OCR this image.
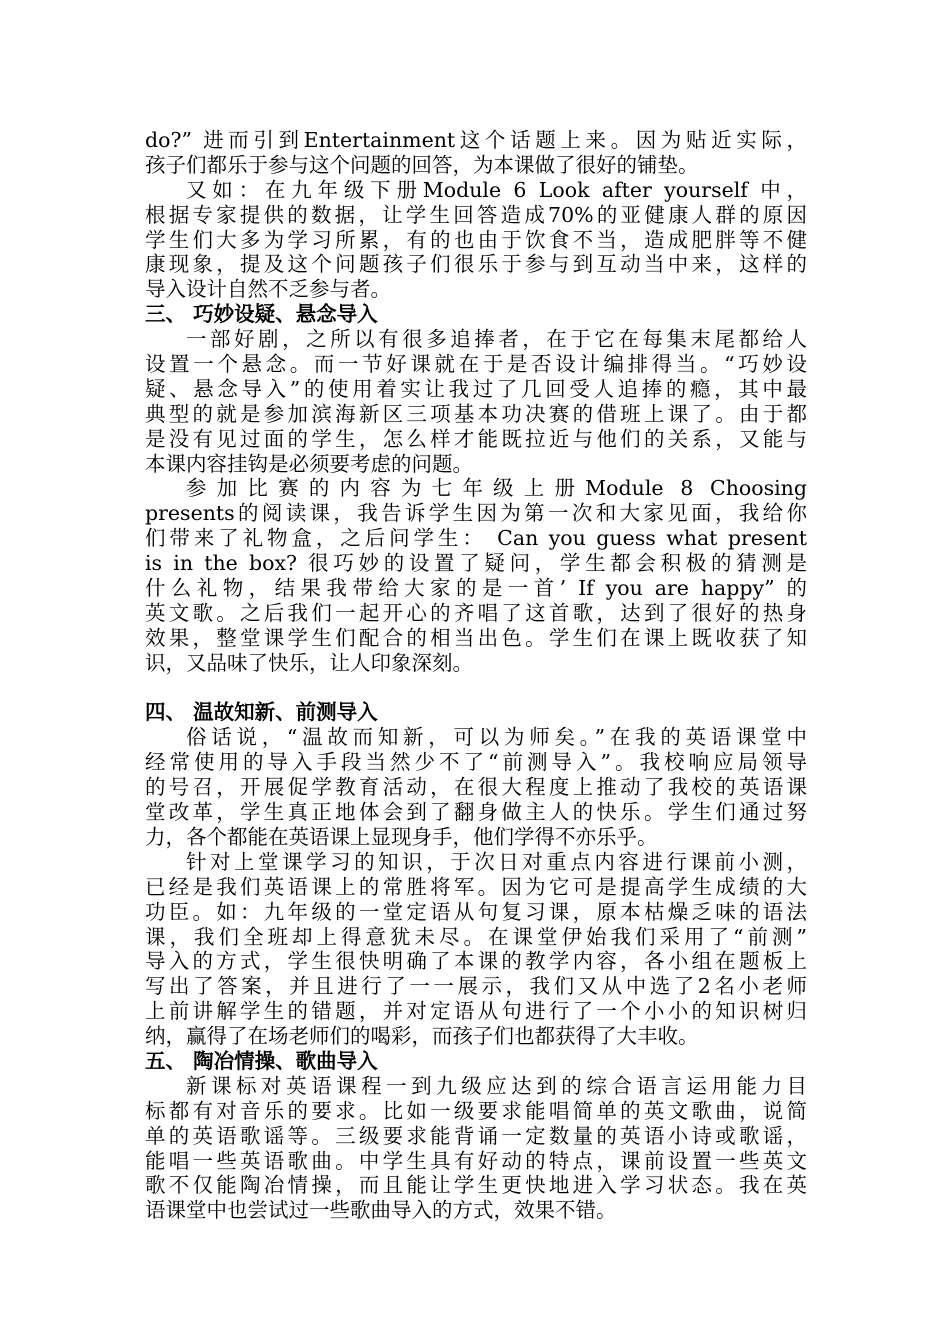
do?” 进而引到Entertainment这个话题上来。因为贴近实际，
孩子们都乐于参与这个问题的回答，为本课做了很好的铺垫。
又如：在九年级下册Module 6 Look after yourself 中，
根据专家提供的数据，让学生回答造成70%的亚健康人群的原因
学生们大多为学习所累，有的也由于饮食不当，造成肥胖等不健
康现象，提及这个问题孩子们很乐于参与到互动当中来，这样的
导入设计自然不乏参与者。
三、 巧妙设疑、悬念导入
一部好剧，之所以有很多追捧者，在于它在每集末尾都给人
设置一个悬念。而一节好课就在于是否设计编排得当。“巧妙设
疑、悬念导入”的使用着实让我过了几回受人追捧的瘾，其中最
典型的就是参加滨海新区三项基本功决赛的借班上课了。由于都
是没有见过面的学生，怎么样才能既拉近与他们的关系，又能与
本课内容挂钩是必须要考虑的问题。
参加比赛的内容为七年级上册Module 8 Choosing
presents的阅读课，我告诉学生因为第一次和大家见面，我给你
们带来了礼物盒，之后问学生： Can you guess what present
is in the box? 很巧妙的设置了疑问，学生都会积极的猜测是
什么礼物，结果我带给大家的是一首’ If you are happy” 的
英文歌。之后我们一起开心的齐唱了这首歌，达到了很好的热身
效果，整堂课学生们配合的相当出色。学生们在课上既收获了知
识，又品味了快乐，让人印象深刻。
四、 温故知新、前测导入
俗话说，“温故而知新，可以为师矣。”在我的英语课堂中
经常使用的导入手段当然少不了“前测导入”。我校响应局领导
的号召，开展促学教育活动，在很大程度上推动了我校的英语课
堂改革，学生真正地体会到了翻身做主人的快乐。学生们通过努
力，各个都能在英语课上显现身手，他们学得不亦乐乎。
针对上堂课学习的知识，于次日对重点内容进行课前小测，
已经是我们英语课上的常胜将军。因为它可是提高学生成绩的大
功臣。如：九年级的一堂定语从句复习课，原本枯燥乏味的语法
课，我们全班却上得意犹未尽。在课堂伊始我们采用了“前测”
导入的方式，学生很快明确了本课的教学内容，各小组在题板上
写出了答案，并且进行了一一展示，我们又从中选了2名小老师
上前讲解学生的错题，并对定语从句进行了一个小小的知识树归
纳，赢得了在场老师们的喝彩，而孩子们也都获得了大丰收。
五、 陶冶情操、歌曲导入
新课标对英语课程一到九级应达到的综合语言运用能力目
标都有对音乐的要求。比如一级要求能唱简单的英文歌曲，说简
单的英语歌谣等。三级要求能背诵一定数量的英语小诗或歌谣，
能唱一些英语歌曲。中学生具有好动的特点，课前设置一些英文
歌不仅能陶冶情操，而且能让学生更快地进入学习状态。我在英
语课堂中也尝试过一些歌曲导入的方式，效果不错。
